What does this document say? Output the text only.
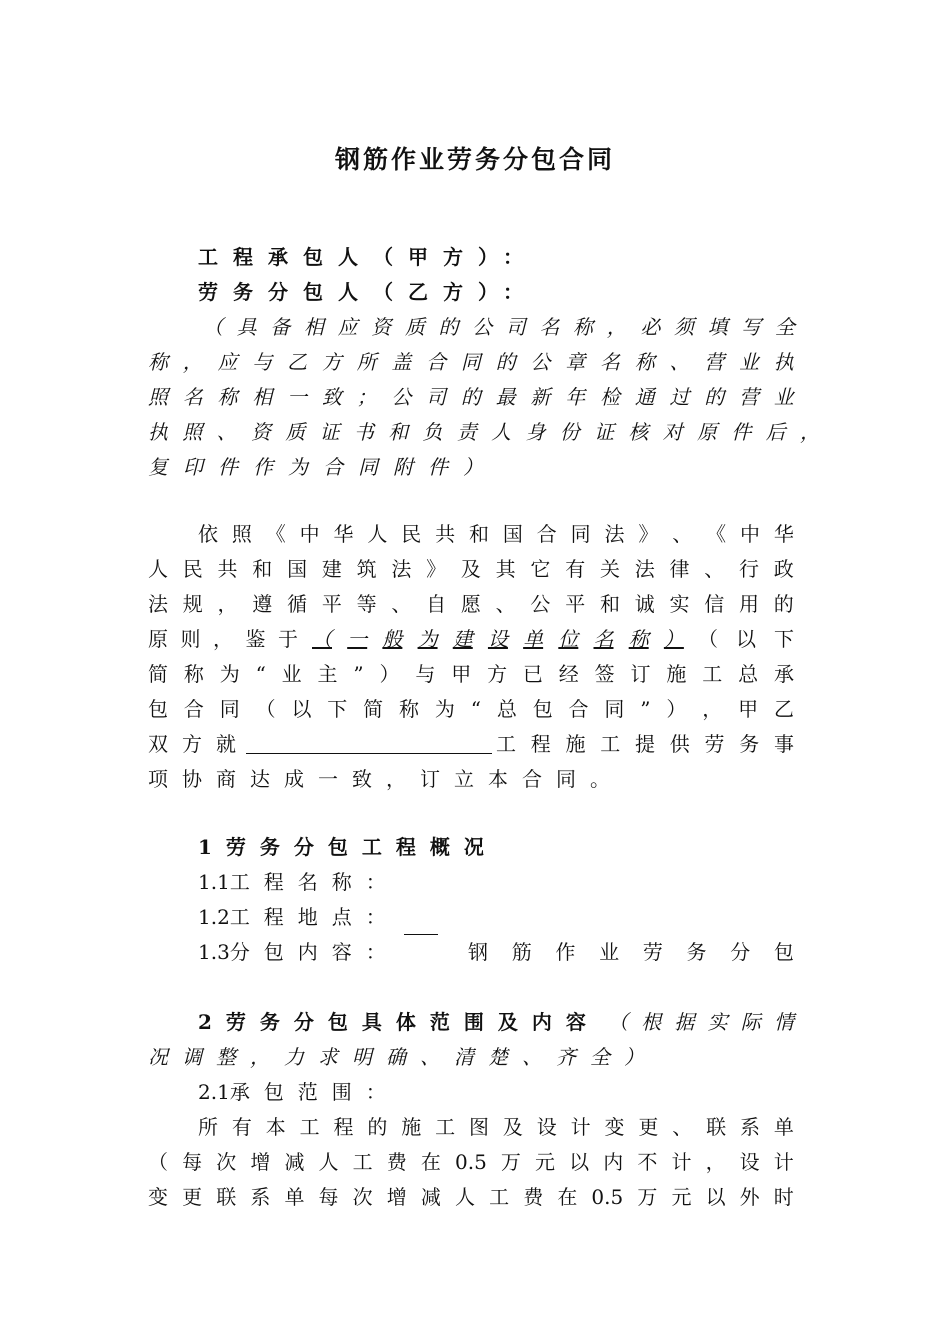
钢筋作业劳务分包合同
工程承包人（甲方）：
劳务分包人（乙方）：
（ 具 备 相 应 资 质 的 公 司 名 称 ， 必 须 填 写 全
称 ， 应 与 乙 方 所 盖 合 同 的 公 章 名 称 、 营 业 执
照 名 称 相 一 致 ； 公 司 的 最 新 年 检 通 过 的 营 业
执 照 、 资 质 证 书 和 负 责 人 身 份 证 核 对 原 件 后 ，
复印件作为合同附件）
依 照 《 中 华 人 民 共 和 国 合 同 法 》 、 《 中 华
人 民 共 和 国 建 筑 法 》 及 其 它 有 关 法 律 、 行 政
法 规 ， 遵 循 平 等 、 自 愿 、 公 平 和 诚 实 信 用 的
原 则 ， 鉴 于 （ 一 般 为 建 设 单 位 名 称 ） （ 以 下
简 称 为 “ 业 主 ” ） 与 甲 方 已 经 签 订 施 工 总 承
包 合 同 （ 以 下 简 称 为 “ 总 包 合 同 ” ） ， 甲 乙
双 方 就	工 程 施 工 提 供 劳 务 事
项协商达成一致，订立本合同。
1 劳务分包工程概况
1.1工程名称：
1.2工程地点：
1.3分包内容：	钢 筋 作 业 劳 务 分 包
2 劳务分包具体范围及内容 （ 根 据 实 际 情
况调整，力求明确、清楚、齐全）
2.1承包范围：
所 有 本 工 程 的 施 工 图 及 设 计 变 更 、 联 系 单
（ 每 次 增 减 人 工 费 在 0.5 万 元 以 内 不 计 ， 设 计
变 更 联 系 单 每 次 增 减 人 工 费 在 0.5 万 元 以 外 时
